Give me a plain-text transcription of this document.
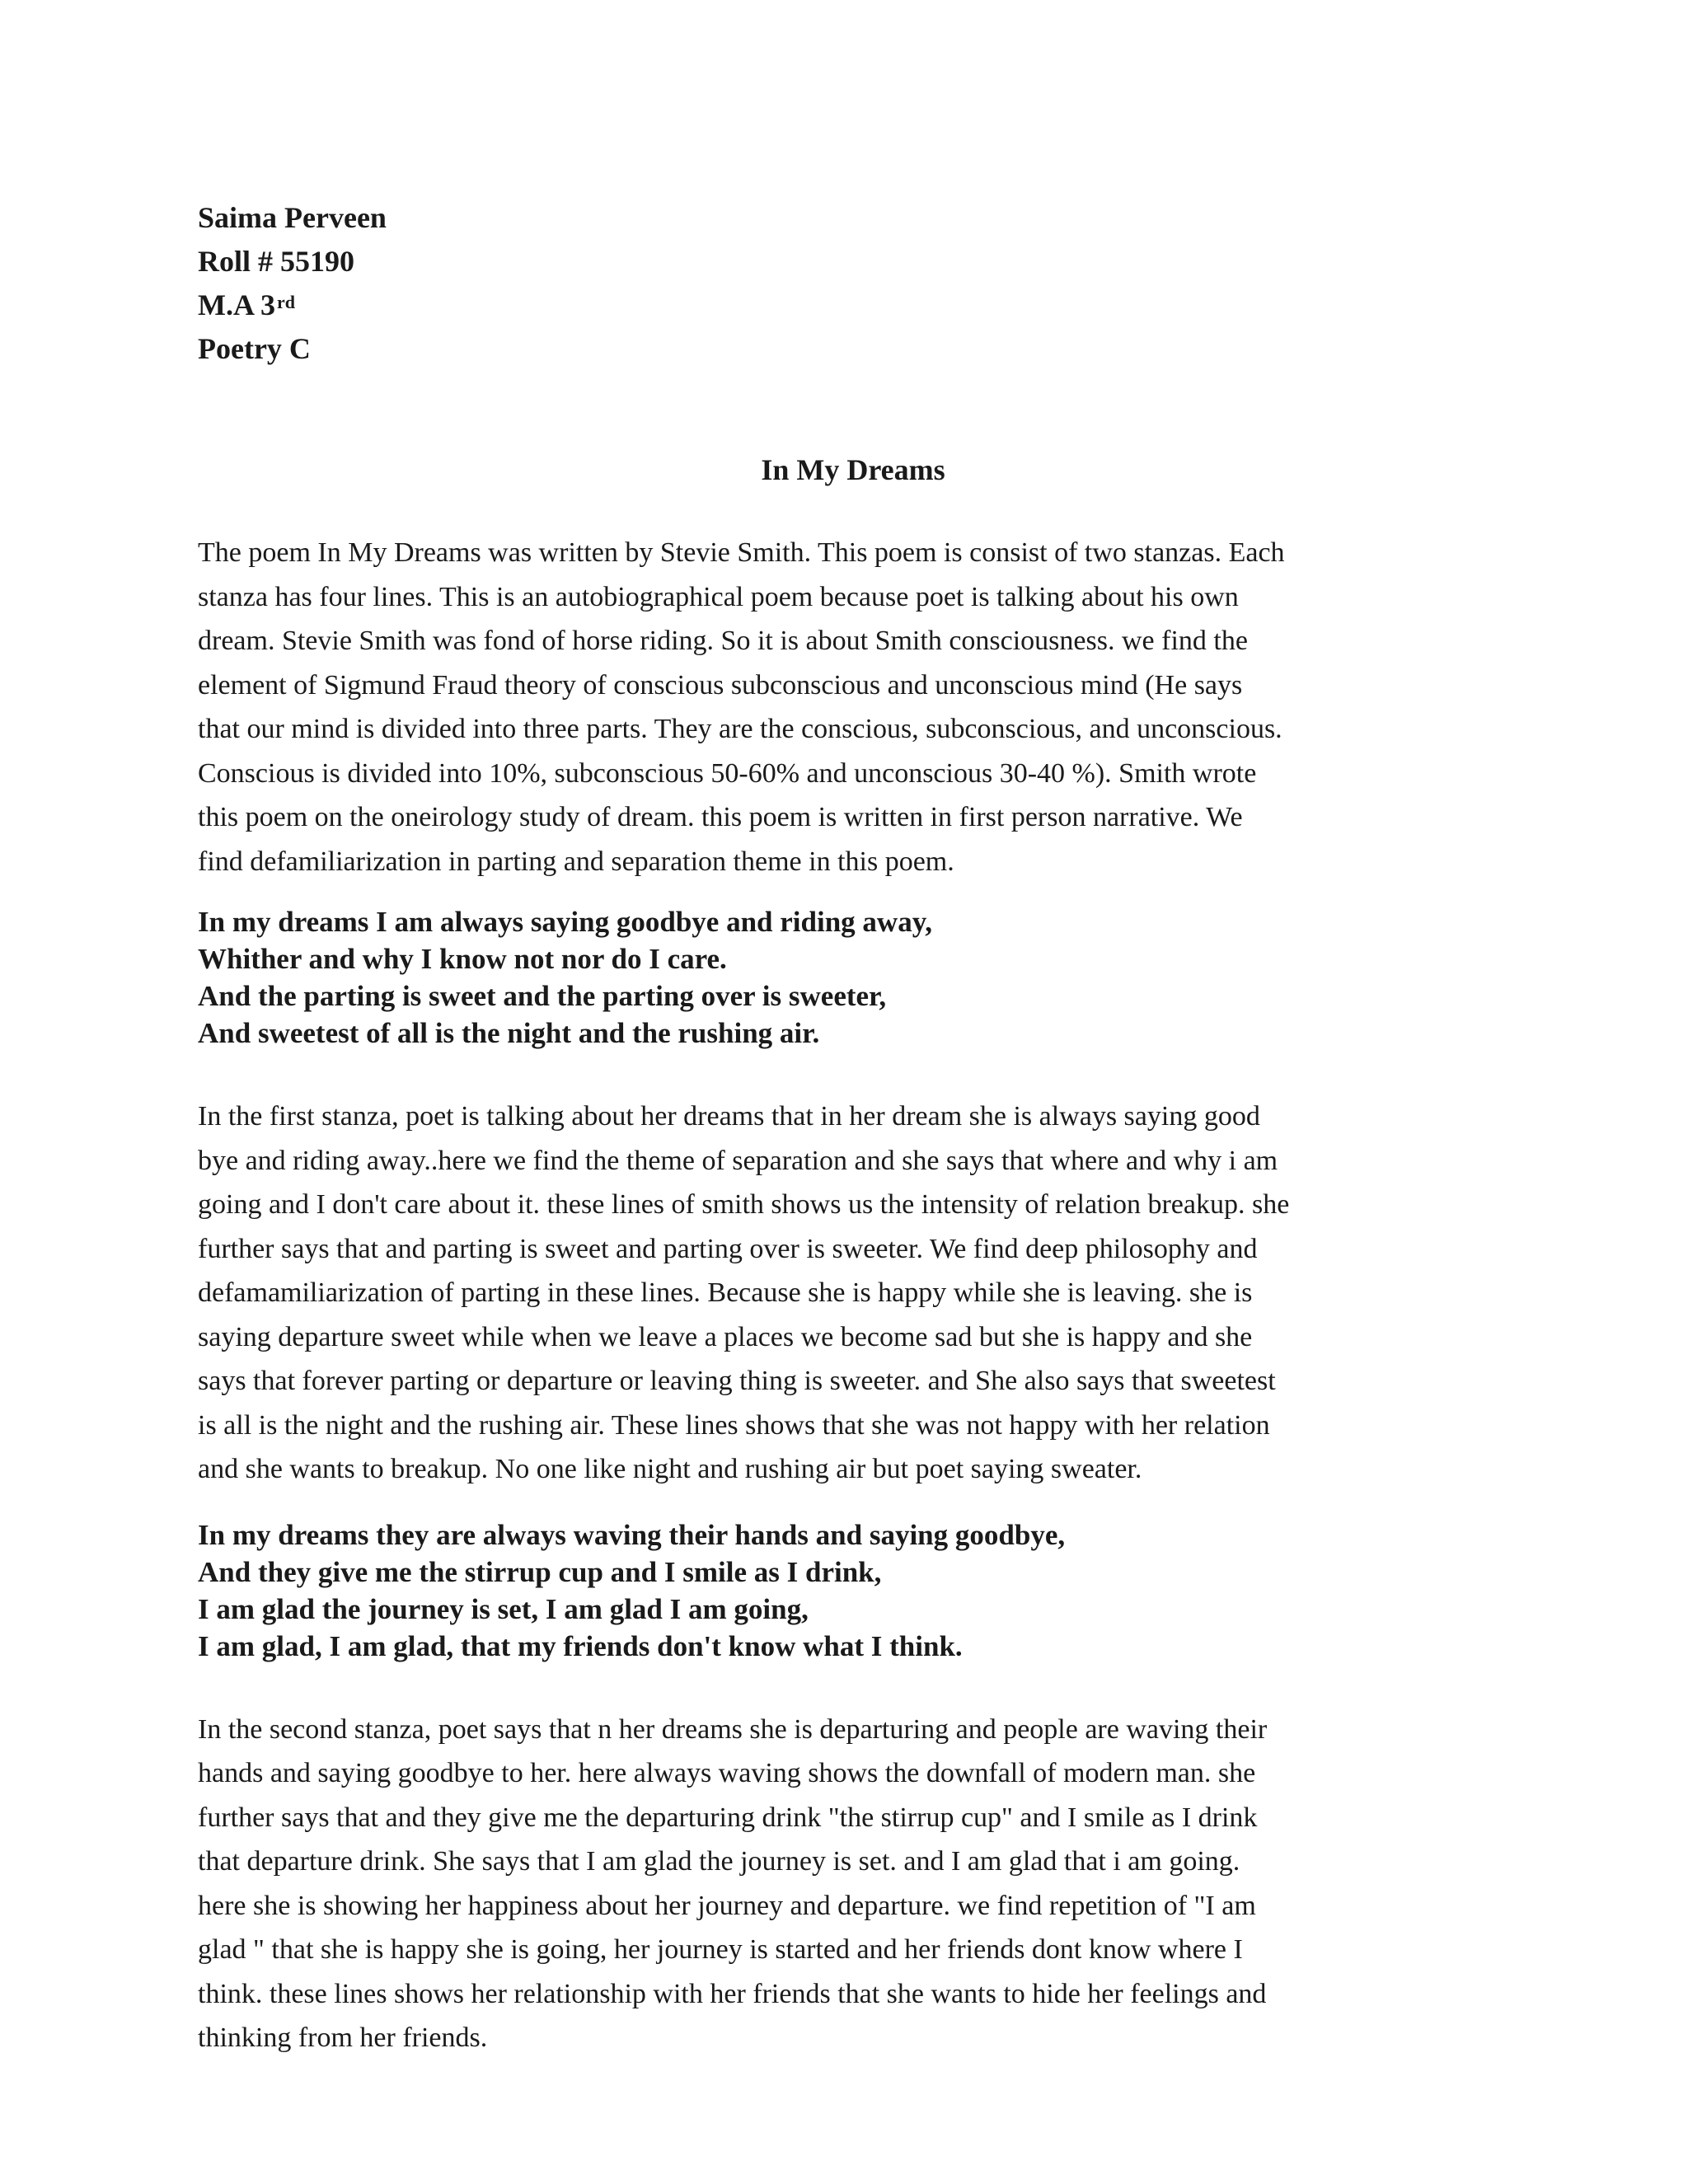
Saima Perveen
Roll # 55190
M.A 3rd
Poetry C
In My Dreams
The poem In My Dreams was written by Stevie Smith. This poem is consist of two stanzas. Each
stanza has four lines. This is an autobiographical poem because poet is talking about his own
dream. Stevie Smith was fond of horse riding. So it is about Smith consciousness. we find the
element of Sigmund Fraud theory of conscious subconscious and unconscious mind (He says
that our mind is divided into three parts. They are the conscious, subconscious, and unconscious.
Conscious is divided into 10%, subconscious 50-60% and unconscious 30-40 %). Smith wrote
this poem on the oneirology study of dream. this poem is written in first person narrative. We
find defamiliarization in parting and separation theme in this poem.
In my dreams I am always saying goodbye and riding away,
Whither and why I know not nor do I care.
And the parting is sweet and the parting over is sweeter,
And sweetest of all is the night and the rushing air.
In the first stanza, poet is talking about her dreams that in her dream she is always saying good
bye and riding away..here we find the theme of separation and she says that where and why i am
going and I don't care about it. these lines of smith shows us the intensity of relation breakup. she
further says that and parting is sweet and parting over is sweeter. We find deep philosophy and
defamamiliarization of parting in these lines. Because she is happy while she is leaving. she is
saying departure sweet while when we leave a places we become sad but she is happy and she
says that forever parting or departure or leaving thing is sweeter. and She also says that sweetest
is all is the night and the rushing air. These lines shows that she was not happy with her relation
and she wants to breakup. No one like night and rushing air but poet saying sweater.
In my dreams they are always waving their hands and saying goodbye,
And they give me the stirrup cup and I smile as I drink,
I am glad the journey is set, I am glad I am going,
I am glad, I am glad, that my friends don't know what I think.
In the second stanza, poet says that n her dreams she is departuring and people are waving their
hands and saying goodbye to her. here always waving shows the downfall of modern man. she
further says that and they give me the departuring drink "the stirrup cup" and I smile as I drink
that departure drink. She says that I am glad the journey is set. and I am glad that i am going.
here she is showing her happiness about her journey and departure. we find repetition of "I am
glad " that she is happy she is going, her journey is started and her friends dont know where I
think. these lines shows her relationship with her friends that she wants to hide her feelings and
thinking from her friends.
